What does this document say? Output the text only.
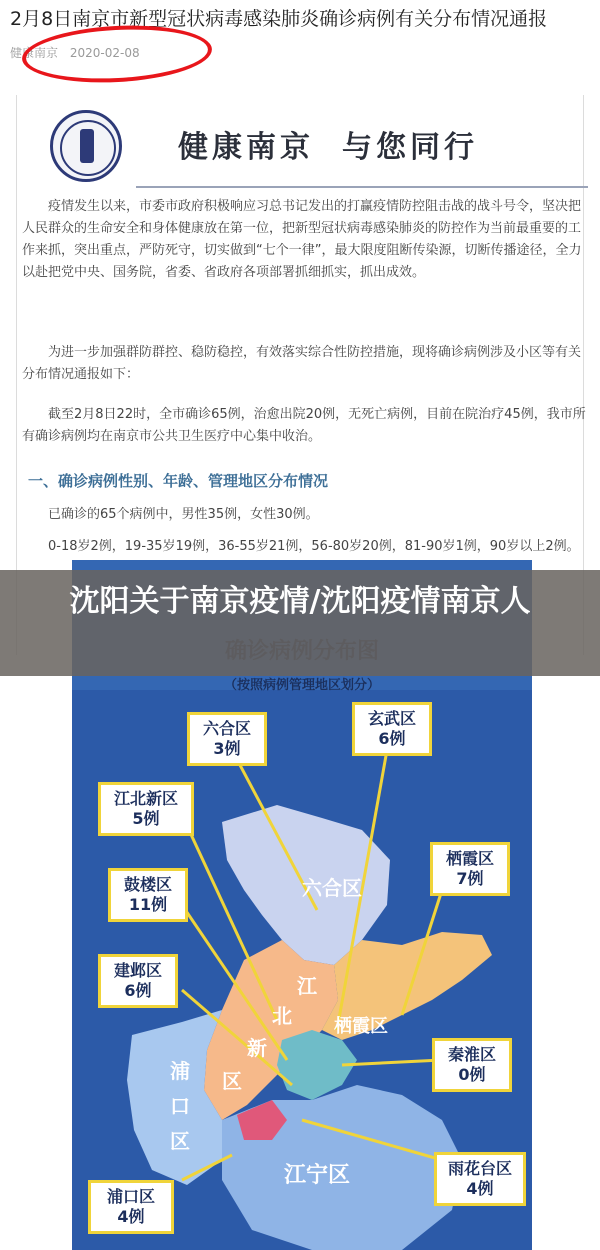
2月8日南京市新型冠状病毒感染肺炎确诊病例有关分布情况通报
健康南京 2020-02-08
健康南京 与您同行

疫情发生以来，市委市政府积极响应习总书记发出的打赢疫情防控阻击战的战斗号令，坚决把人民群众的生命安全和身体健康放在第一位，把新型冠状病毒感染肺炎的防控作为当前最重要的工作来抓，突出重点，严防死守，切实做到“七个一律”，最大限度阻断传染源，切断传播途径，全力以赴把党中央、国务院，省委、省政府各项部署抓细抓实，抓出成效。

为进一步加强群防群控、稳防稳控，有效落实综合性防控措施，现将确诊病例涉及小区等有关分布情况通报如下：

截至2月8日22时，全市确诊65例，治愈出院20例，无死亡病例，目前在院治疗45例，我市所有确诊病例均在南京市公共卫生医疗中心集中收治。

一、确诊病例性别、年龄、管理地区分布情况

已确诊的65个病例中，男性35例，女性30例。

0-18岁2例，19-35岁19例，36-55岁21例，56-80岁20例，81-90岁1例，90岁以上2例。

（按照病例管理地区划分）
六合区
江
北
新
区
浦
口
区
栖霞区
江宁区
六合区
3例
玄武区
6例
江北新区
5例
栖霞区
7例
鼓楼区
11例
建邺区
6例
秦淮区
0例
雨花台区
4例
浦口区
4例
沈阳关于南京疫情/沈阳疫情南京人
